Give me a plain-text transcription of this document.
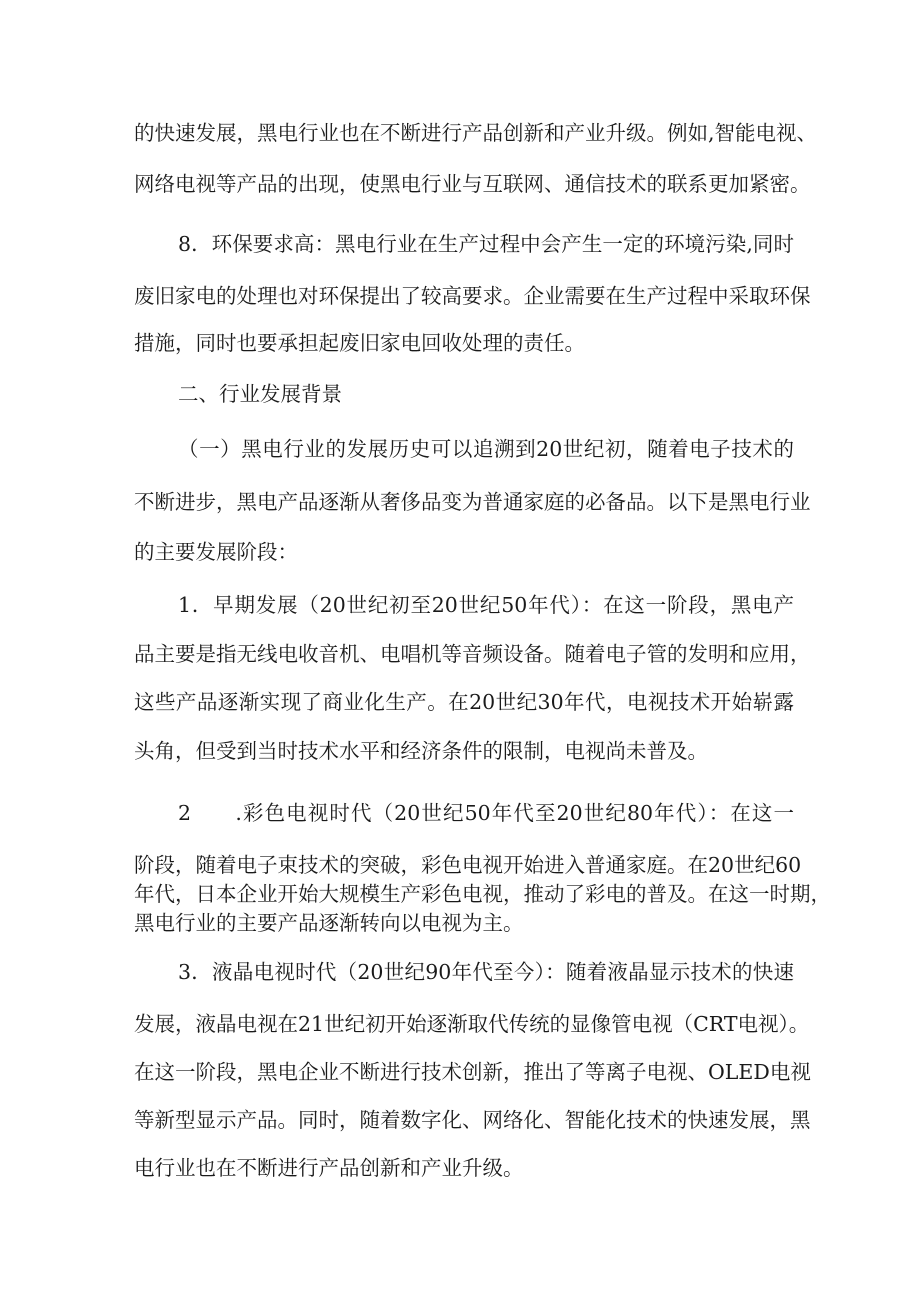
的快速发展，黑电行业也在不断进行产品创新和产业升级。例如,智能电视、
网络电视等产品的出现，使黑电行业与互联网、通信技术的联系更加紧密。
8．环保要求高：黑电行业在生产过程中会产生一定的环境污染,同时
废旧家电的处理也对环保提出了较高要求。企业需要在生产过程中采取环保
措施，同时也要承担起废旧家电回收处理的责任。
二、行业发展背景
（一）黑电行业的发展历史可以追溯到20世纪初，随着电子技术的
不断进步，黑电产品逐渐从奢侈品变为普通家庭的必备品。以下是黑电行业
的主要发展阶段：
1．早期发展（20世纪初至20世纪50年代）：在这一阶段，黑电产
品主要是指无线电收音机、电唱机等音频设备。随着电子管的发明和应用，
这些产品逐渐实现了商业化生产。在20世纪30年代，电视技术开始崭露
头角，但受到当时技术水平和经济条件的限制，电视尚未普及。
2　　.彩色电视时代（20世纪50年代至20世纪80年代）：在这一
阶段，随着电子束技术的突破，彩色电视开始进入普通家庭。在20世纪60
年代，日本企业开始大规模生产彩色电视，推动了彩电的普及。在这一时期，
黑电行业的主要产品逐渐转向以电视为主。
3．液晶电视时代（20世纪90年代至今）：随着液晶显示技术的快速
发展，液晶电视在21世纪初开始逐渐取代传统的显像管电视（CRT电视）。
在这一阶段，黑电企业不断进行技术创新，推出了等离子电视、OLED电视
等新型显示产品。同时，随着数字化、网络化、智能化技术的快速发展，黑
电行业也在不断进行产品创新和产业升级。
